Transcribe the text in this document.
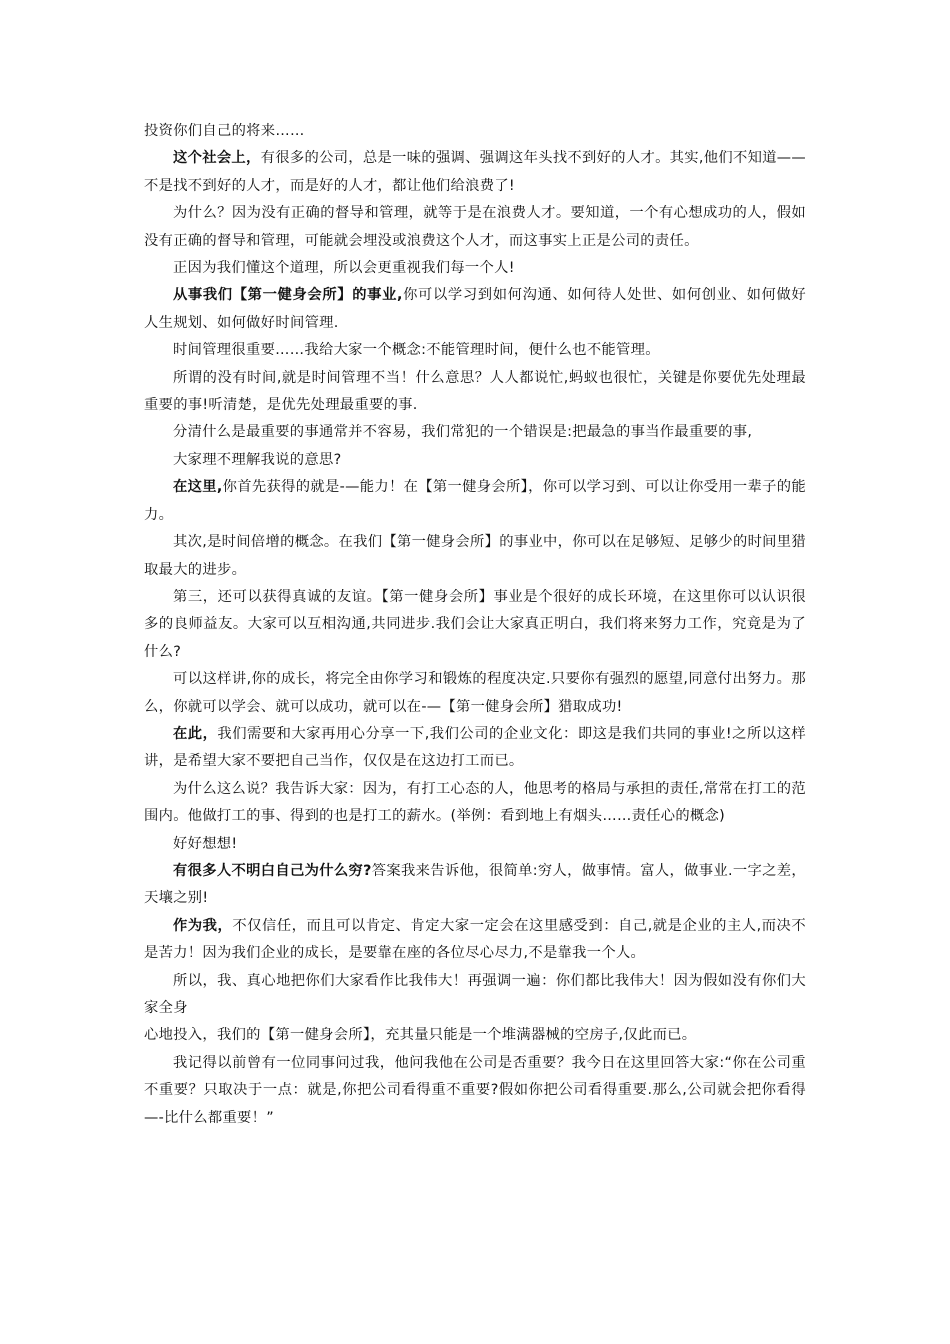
投资你们自己的将来……

这个社会上，有很多的公司，总是一味的强调、强调这年头找不到好的人才。其实,他们不知道——不是找不到好的人才，而是好的人才，都让他们给浪费了!

为什么？因为没有正确的督导和管理，就等于是在浪费人才。要知道，一个有心想成功的人，假如没有正确的督导和管理，可能就会埋没或浪费这个人才，而这事实上正是公司的责任。

正因为我们懂这个道理，所以会更重视我们每一个人!

从事我们【第一健身会所】的事业,你可以学习到如何沟通、如何待人处世、如何创业、如何做好人生规划、如何做好时间管理.

时间管理很重要……我给大家一个概念:不能管理时间，便什么也不能管理。

所谓的没有时间,就是时间管理不当！什么意思？人人都说忙,蚂蚁也很忙，关键是你要优先处理最重要的事!听清楚，是优先处理最重要的事.

分清什么是最重要的事通常并不容易，我们常犯的一个错误是:把最急的事当作最重要的事,

大家理不理解我说的意思?

在这里,你首先获得的就是-—能力！在【第一健身会所】，你可以学习到、可以让你受用一辈子的能力。

其次,是时间倍增的概念。在我们【第一健身会所】的事业中，你可以在足够短、足够少的时间里猎取最大的进步。

第三，还可以获得真诚的友谊。【第一健身会所】事业是个很好的成长环境，在这里你可以认识很多的良师益友。大家可以互相沟通,共同进步.我们会让大家真正明白，我们将来努力工作，究竟是为了什么?

可以这样讲,你的成长，将完全由你学习和锻炼的程度决定.只要你有强烈的愿望,同意付出努力。那么，你就可以学会、就可以成功，就可以在-—【第一健身会所】猎取成功!

在此，我们需要和大家再用心分享一下,我们公司的企业文化：即这是我们共同的事业!之所以这样讲，是希望大家不要把自己当作，仅仅是在这边打工而已。

为什么这么说？我告诉大家：因为，有打工心态的人，他思考的格局与承担的责任,常常在打工的范围内。他做打工的事、得到的也是打工的薪水。(举例：看到地上有烟头……责任心的概念)

好好想想!

有很多人不明白自己为什么穷?答案我来告诉他，很简单:穷人，做事情。富人，做事业.一字之差，天壤之别!

作为我，不仅信任，而且可以肯定、肯定大家一定会在这里感受到：自己,就是企业的主人,而决不是苦力！因为我们企业的成长，是要靠在座的各位尽心尽力,不是靠我一个人。

所以，我、真心地把你们大家看作比我伟大！再强调一遍：你们都比我伟大！因为假如没有你们大家全身

心地投入，我们的【第一健身会所】，充其量只能是一个堆满器械的空房子,仅此而已。

我记得以前曾有一位同事问过我，他问我他在公司是否重要？我今日在这里回答大家:“你在公司重不重要？只取决于一点：就是,你把公司看得重不重要?假如你把公司看得重要.那么,公司就会把你看得—-比什么都重要！”
